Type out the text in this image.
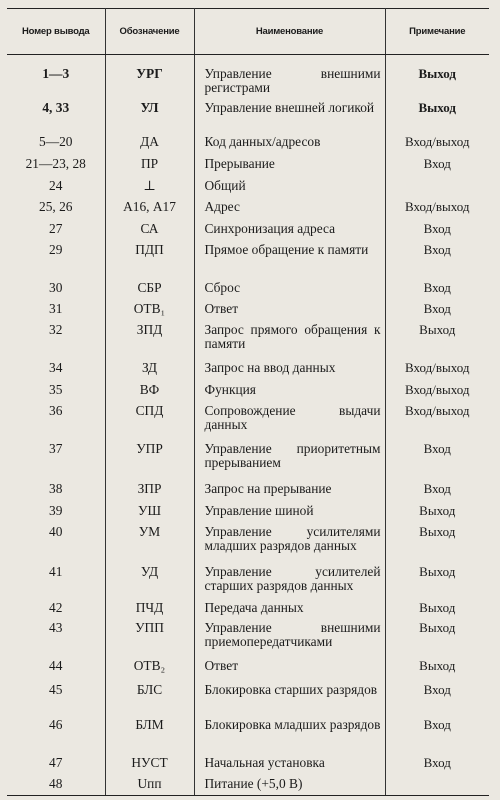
Номер вывода	Обозначение	Наименование	Примечание
1—3	УРГ	Управление внешними регистрами	Выход
4, 33	УЛ	Управление внешней логикой	Выход
5—20	ДА	Код данных/адресов	Вход/выход
21—23, 28	ПР	Прерывание	Вход
24	⊥	Общий	
25, 26	А16, А17	Адрес	Вход/выход
27	СА	Синхронизация адреса	Вход
29	ПДП	Прямое обращение к памяти	Вход
30	СБР	Сброс	Вход
31	ОТВ₁	Ответ	Вход
32	ЗПД	Запрос прямого обращения к памяти	Выход
34	ЗД	Запрос на ввод данных	Вход/выход
35	ВФ	Функция	Вход/выход
36	СПД	Сопровождение выдачи данных	Вход/выход
37	УПР	Управление приоритетным прерыванием	Вход
38	ЗПР	Запрос на прерывание	Вход
39	УШ	Управление шиной	Выход
40	УМ	Управление усилителями младших разрядов данных	Выход
41	УД	Управление усилителей старших разрядов данных	Выход
42	ПЧД	Передача данных	Выход
43	УПП	Управление внешними приемопередатчиками	Выход
44	ОТВ₂	Ответ	Выход
45	БЛС	Блокировка старших разрядов	Вход
46	БЛМ	Блокировка младших разрядов	Вход
47	НУСТ	Начальная установка	Вход
48	Uпп	Питание (+5,0 В)	
